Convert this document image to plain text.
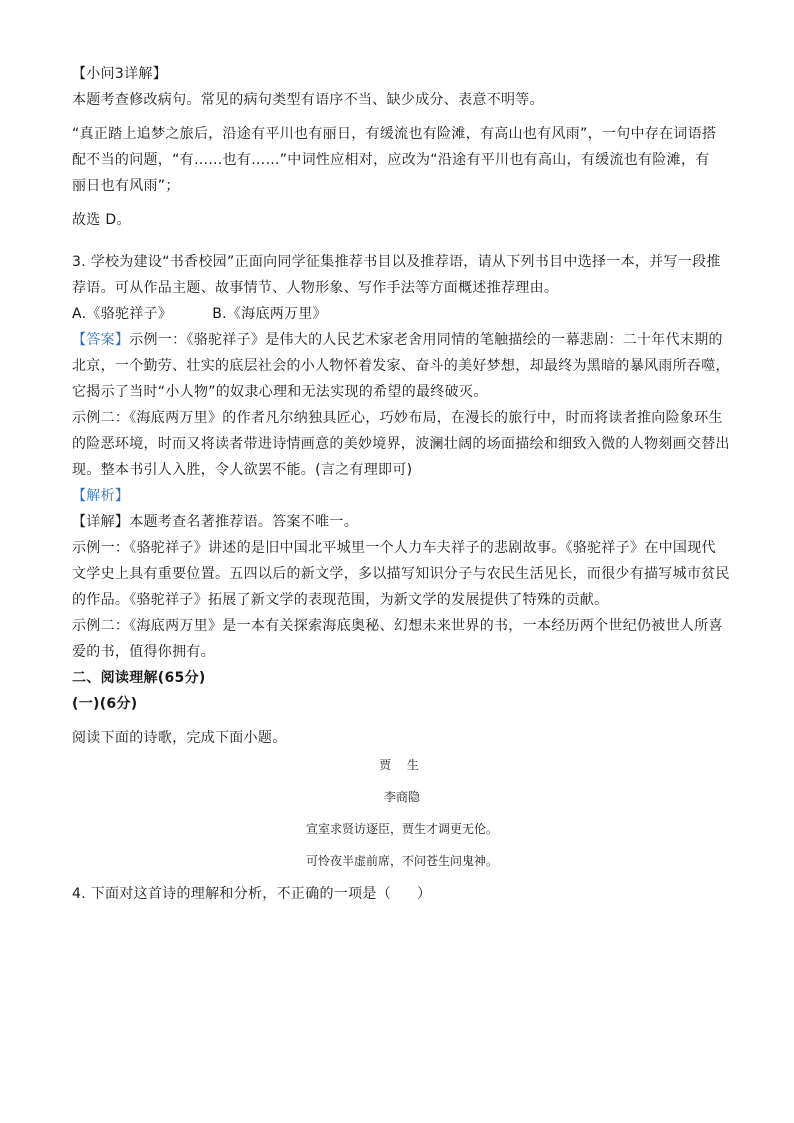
【小问3详解】

本题考查修改病句。常见的病句类型有语序不当、缺少成分、表意不明等。

“真正踏上追梦之旅后，沿途有平川也有丽日，有缓流也有险滩，有高山也有风雨”，一句中存在词语搭

配不当的问题，“有……也有……”中词性应相对，应改为“沿途有平川也有高山，有缓流也有险滩，有

丽日也有风雨”；

故选 D。

3. 学校为建设“书香校园”正面向同学征集推荐书目以及推荐语，请从下列书目中选择一本，并写一段推

荐语。可从作品主题、故事情节、人物形象、写作手法等方面概述推荐理由。

A.《骆驼祥子》	B.《海底两万里》

【答案】示例一：《骆驼祥子》是伟大的人民艺术家老舍用同情的笔触描绘的一幕悲剧：二十年代末期的

北京，一个勤劳、壮实的底层社会的小人物怀着发家、奋斗的美好梦想，却最终为黑暗的暴风雨所吞噬，

它揭示了当时“小人物”的奴隶心理和无法实现的希望的最终破灭。

示例二：《海底两万里》的作者凡尔纳独具匠心，巧妙布局，在漫长的旅行中，时而将读者推向险象环生

的险恶环境，时而又将读者带进诗情画意的美妙境界，波澜壮阔的场面描绘和细致入微的人物刻画交替出

现。整本书引人入胜，令人欲罢不能。(言之有理即可)

【解析】

【详解】本题考查名著推荐语。答案不唯一。

示例一：《骆驼祥子》讲述的是旧中国北平城里一个人力车夫祥子的悲剧故事。《骆驼祥子》在中国现代

文学史上具有重要位置。五四以后的新文学，多以描写知识分子与农民生活见长，而很少有描写城市贫民

的作品。《骆驼祥子》拓展了新文学的表现范围，为新文学的发展提供了特殊的贡献。

示例二：《海底两万里》是一本有关探索海底奥秘、幻想未来世界的书，一本经历两个世纪仍被世人所喜

爱的书，值得你拥有。

二、阅读理解(65分)

(一)(6分)

阅读下面的诗歌，完成下面小题。

贾 生

李商隐

宣室求贤访逐臣，贾生才调更无伦。

可怜夜半虚前席，不问苍生问鬼神。

4. 下面对这首诗的理解和分析，不正确的一项是（ ）
